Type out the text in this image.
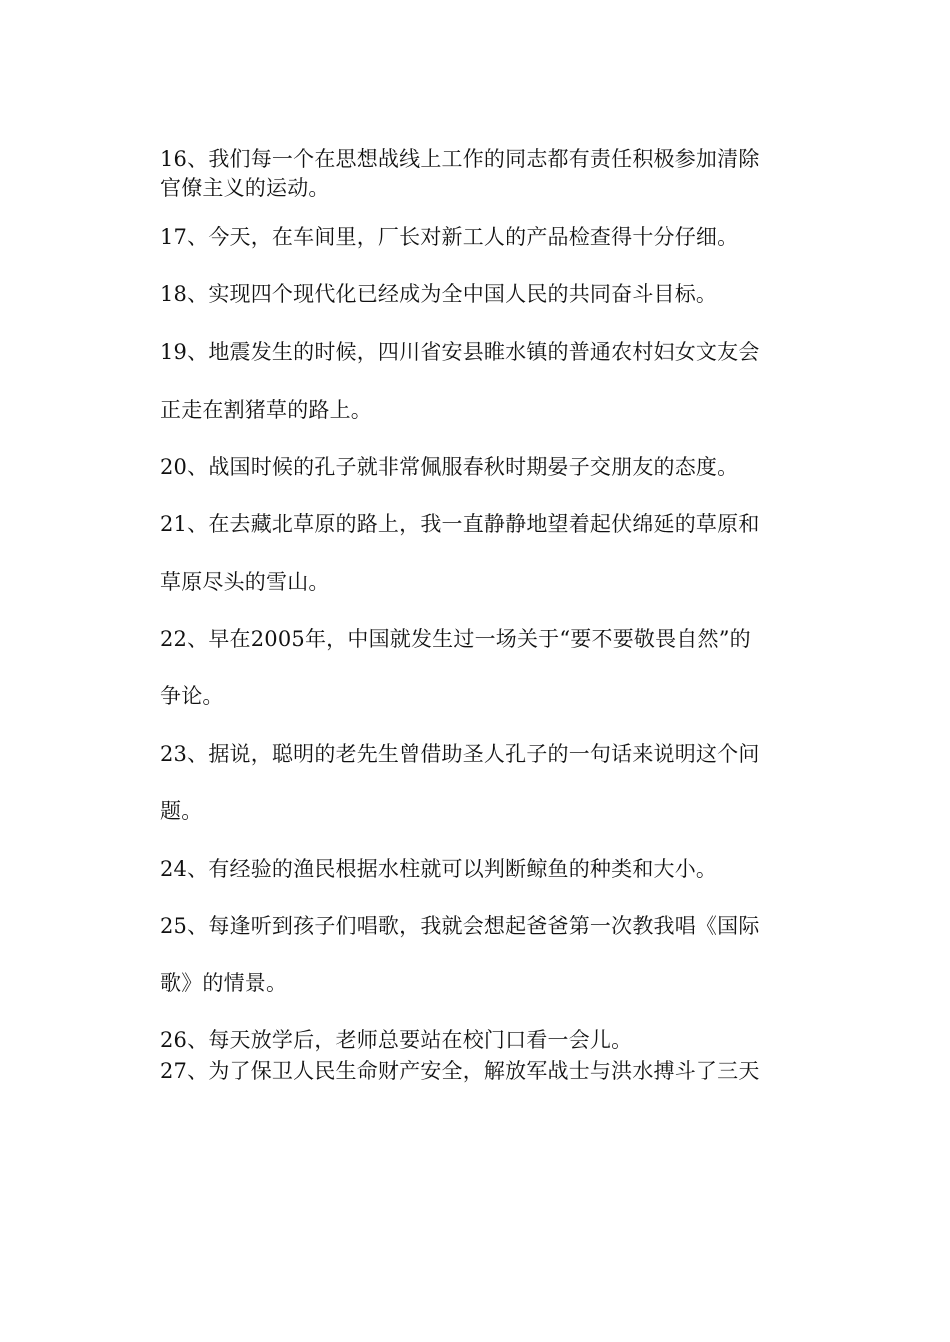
16、我们每一个在思想战线上工作的同志都有责任积极参加清除
官僚主义的运动。
17、今天，在车间里，厂长对新工人的产品检查得十分仔细。
18、实现四个现代化已经成为全中国人民的共同奋斗目标。
19、地震发生的时候，四川省安县睢水镇的普通农村妇女文友会
正走在割猪草的路上。
20、战国时候的孔子就非常佩服春秋时期晏子交朋友的态度。
21、在去藏北草原的路上，我一直静静地望着起伏绵延的草原和
草原尽头的雪山。
22、早在2005年，中国就发生过一场关于“要不要敬畏自然”的
争论。
23、据说，聪明的老先生曾借助圣人孔子的一句话来说明这个问
题。
24、有经验的渔民根据水柱就可以判断鲸鱼的种类和大小。
25、每逢听到孩子们唱歌，我就会想起爸爸第一次教我唱《国际
歌》的情景。
26、每天放学后，老师总要站在校门口看一会儿。
27、为了保卫人民生命财产安全，解放军战士与洪水搏斗了三天
